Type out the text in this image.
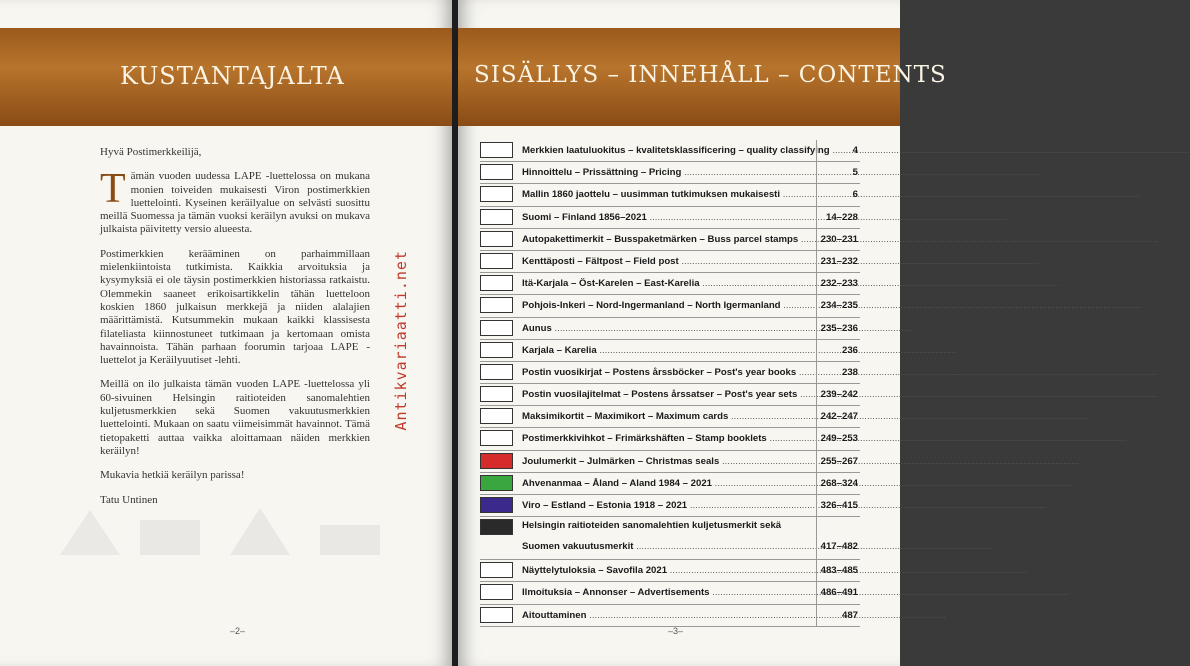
KUSTANTAJALTA

Hyvä Postimerkkeilijä,

Tämän vuoden uudessa LAPE -luettelossa on mukana monien toiveiden mukaisesti Viron postimerkkien luettelointi. Kyseinen keräilyalue on selvästi suosittu meillä Suomessa ja tämän vuoksi keräilyn avuksi on mukava julkaista päivitetty versio alueesta.

Postimerkkien kerääminen on parhaimmillaan mielenkiintoista tutkimista. Kaikkia arvoituksia ja kysymyksiä ei ole täysin postimerkkien historiassa ratkaistu. Olemmekin saaneet erikoisartikkelin tähän luetteloon koskien 1860 julkaisun merkkejä ja niiden alalajien määrittämistä. Kutsummekin mukaan kaikki klassisesta filateliasta kiinnostuneet tutkimaan ja kertomaan omista havainnoista. Tähän parhaan foorumin tarjoaa LAPE -luettelot ja Keräilyuutiset -lehti.

Meillä on ilo julkaista tämän vuoden LAPE -luettelossa yli 60-sivuinen Helsingin raitioteiden sanomalehtien kuljetusmerkkien sekä Suomen vakuutusmerkkien luettelointi. Mukaan on saatu viimeisimmät havainnot. Tämä tietopaketti auttaa vaikka aloittamaan näiden merkkien keräilyn!

Mukavia hetkiä keräilyn parissa!

Tatu Untinen

Antikvariaatti.net
–2–
SISÄLLYS – INNEHÅLL – CONTENTS
Merkkien laatuluokitus – kvalitetsklassificering – quality classifying .....	4
Hinnoittelu – Prissättning – Pricing .....	5
Mallin 1860 jaottelu – uusimman tutkimuksen mukaisesti .....	6
Suomi – Finland 1856–2021 .....	14–228
Autopakettimerkit – Busspaketmärken – Buss parcel stamps .....	230–231
Kenttäposti – Fältpost – Field post .....	231–232
Itä-Karjala – Öst-Karelen – East-Karelia .....	232–233
Pohjois-Inkeri – Nord-Ingermanland – North Igermanland .....	234–235
Aunus .....	235–236
Karjala – Karelia .....	236
Postin vuosikirjat – Postens årssböcker – Post's year books .....	238
Postin vuosilajitelmat – Postens årssatser – Post's year sets .....	239–242
Maksimikortit – Maximikort – Maximum cards .....	242–247
Postimerkkivihkot – Frimärkshäften – Stamp booklets .....	249–253
Joulumerkit – Julmärken – Christmas seals .....	255–267
Ahvenanmaa – Åland – Aland 1984 – 2021 .....	268–324
Viro – Estland – Estonia 1918 – 2021 .....	326–415
Helsingin raitioteiden sanomalehtien kuljetusmerkit sekä
Suomen vakuutusmerkit .....	417–482
Näyttelytuloksia – Savofila 2021 .....	483–485
Ilmoituksia – Annonser – Advertisements .....	486–491
Aitouttaminen .....	487
–3–
